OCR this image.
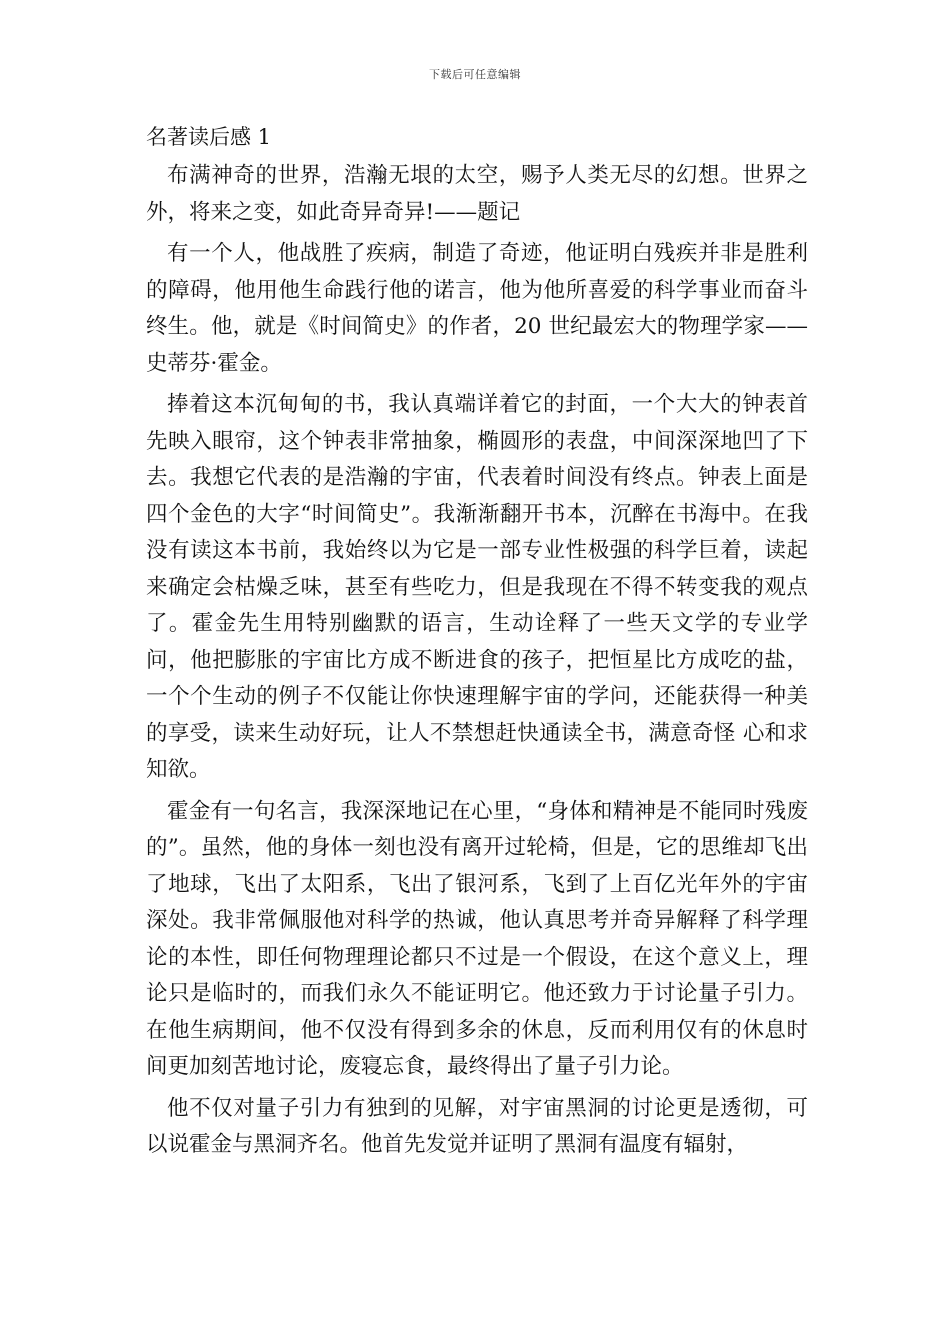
下载后可任意编辑
名著读后感 1

布满神奇的世界，浩瀚无垠的太空，赐予人类无尽的幻想。世界之外，将来之变，如此奇异奇异!——题记

有一个人，他战胜了疾病，制造了奇迹，他证明白残疾并非是胜利的障碍，他用他生命践行他的诺言，他为他所喜爱的科学事业而奋斗终生。他，就是《时间简史》的作者，20 世纪最宏大的物理学家——史蒂芬·霍金。

捧着这本沉甸甸的书，我认真端详着它的封面，一个大大的钟表首先映入眼帘，这个钟表非常抽象，椭圆形的表盘，中间深深地凹了下去。我想它代表的是浩瀚的宇宙，代表着时间没有终点。钟表上面是四个金色的大字“时间简史”。我渐渐翻开书本，沉醉在书海中。在我没有读这本书前，我始终以为它是一部专业性极强的科学巨着，读起来确定会枯燥乏味，甚至有些吃力，但是我现在不得不转变我的观点了。霍金先生用特别幽默的语言，生动诠释了一些天文学的专业学问，他把膨胀的宇宙比方成不断进食的孩子，把恒星比方成吃的盐，一个个生动的例子不仅能让你快速理解宇宙的学问，还能获得一种美的享受，读来生动好玩，让人不禁想赶快通读全书，满意奇怪 心和求知欲。

霍金有一句名言，我深深地记在心里，“身体和精神是不能同时残废的”。虽然，他的身体一刻也没有离开过轮椅，但是，它的思维却飞出了地球，飞出了太阳系，飞出了银河系，飞到了上百亿光年外的宇宙深处。我非常佩服他对科学的热诚，他认真思考并奇异解释了科学理论的本性，即任何物理理论都只不过是一个假设，在这个意义上，理论只是临时的，而我们永久不能证明它。他还致力于讨论量子引力。在他生病期间，他不仅没有得到多余的休息，反而利用仅有的休息时间更加刻苦地讨论，废寝忘食，最终得出了量子引力论。

他不仅对量子引力有独到的见解，对宇宙黑洞的讨论更是透彻，可以说霍金与黑洞齐名。他首先发觉并证明了黑洞有温度有辐射，
